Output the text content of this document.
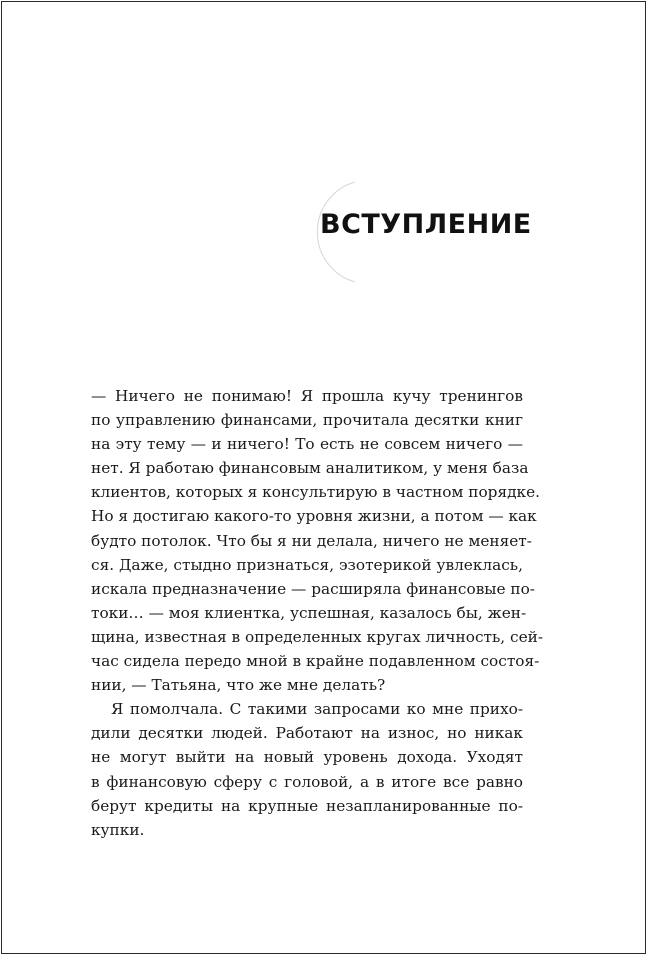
ВСТУПЛЕНИЕ
— Ничего не понимаю! Я прошла кучу тренингов
по управлению финансами, прочитала десятки книг
на эту тему — и ничего! То есть не совсем ничего —
нет. Я работаю финансовым аналитиком, у меня база
клиентов, которых я консультирую в частном порядке.
Но я достигаю какого-то уровня жизни, а потом — как
будто потолок. Что бы я ни делала, ничего не меняет-
ся. Даже, стыдно признаться, эзотерикой увлеклась,
искала предназначение — расширяла финансовые по-
токи… — моя клиентка, успешная, казалось бы, жен-
щина, известная в определенных кругах личность, сей-
час сидела передо мной в крайне подавленном состоя-
нии, — Татьяна, что же мне делать?
Я помолчала. С такими запросами ко мне прихо-
дили десятки людей. Работают на износ, но никак
не могут выйти на новый уровень дохода. Уходят
в финансовую сферу с головой, а в итоге все равно
берут кредиты на крупные незапланированные по-
купки.
